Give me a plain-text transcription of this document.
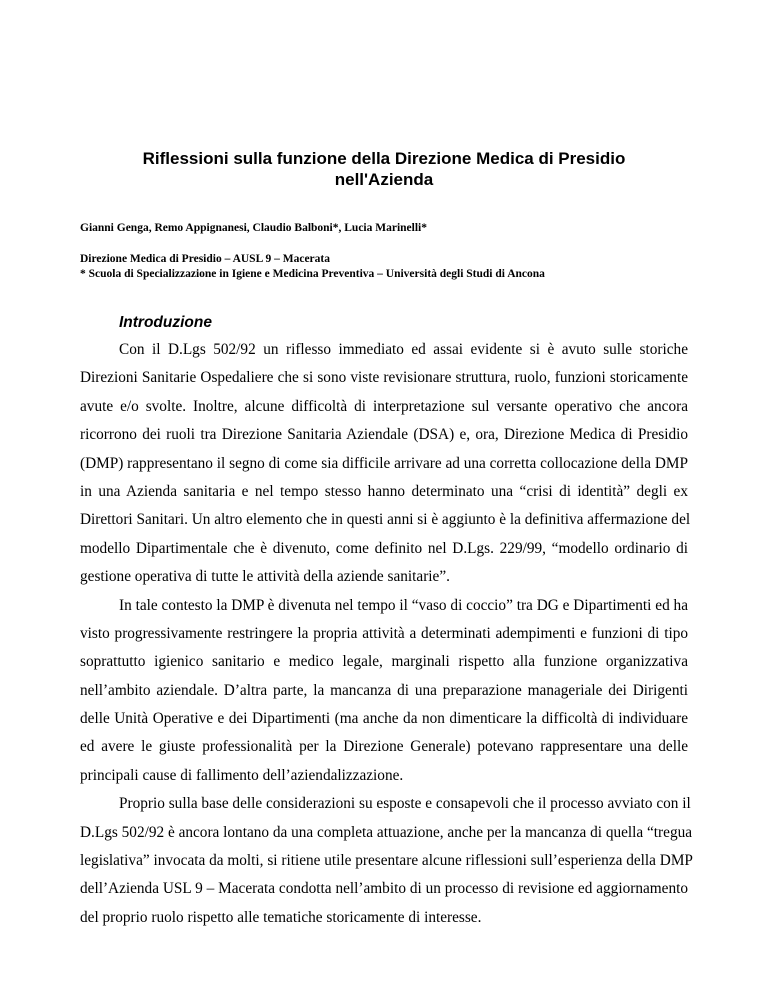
Riflessioni sulla funzione della Direzione Medica di Presidio
nell'Azienda
Gianni Genga, Remo Appignanesi, Claudio Balboni*, Lucia Marinelli*
Direzione Medica di Presidio – AUSL 9 – Macerata
* Scuola di Specializzazione in Igiene e Medicina Preventiva – Università degli Studi di Ancona
Introduzione
Con il D.Lgs 502/92 un riflesso immediato ed assai evidente si è avuto sulle storiche
Direzioni Sanitarie Ospedaliere che si sono viste revisionare struttura, ruolo, funzioni storicamente
avute e/o svolte. Inoltre, alcune difficoltà di interpretazione sul versante operativo che ancora
ricorrono dei ruoli tra Direzione Sanitaria Aziendale (DSA) e, ora, Direzione Medica di Presidio
(DMP) rappresentano il segno di come sia difficile arrivare ad una corretta collocazione della DMP
in una Azienda sanitaria e nel tempo stesso hanno determinato una “crisi di identità” degli ex
Direttori Sanitari. Un altro elemento che in questi anni si è aggiunto è la definitiva affermazione del
modello Dipartimentale che è divenuto, come definito nel D.Lgs. 229/99, “modello ordinario di
gestione operativa di tutte le attività della aziende sanitarie”.
In tale contesto la DMP è divenuta nel tempo il “vaso di coccio” tra DG e Dipartimenti ed ha
visto progressivamente restringere la propria attività a determinati adempimenti e funzioni di tipo
soprattutto igienico sanitario e medico legale, marginali rispetto alla funzione organizzativa
nell’ambito aziendale. D’altra parte, la mancanza di una preparazione manageriale dei Dirigenti
delle Unità Operative e dei Dipartimenti (ma anche da non dimenticare la difficoltà di individuare
ed avere le giuste professionalità per la Direzione Generale) potevano rappresentare una delle
principali cause di fallimento dell’aziendalizzazione.
Proprio sulla base delle considerazioni su esposte e consapevoli che il processo avviato con il
D.Lgs 502/92 è ancora lontano da una completa attuazione, anche per la mancanza di quella “tregua
legislativa” invocata da molti, si ritiene utile presentare alcune riflessioni sull’esperienza della DMP
dell’Azienda USL 9 – Macerata condotta nell’ambito di un processo di revisione ed aggiornamento
del proprio ruolo rispetto alle tematiche storicamente di interesse.
